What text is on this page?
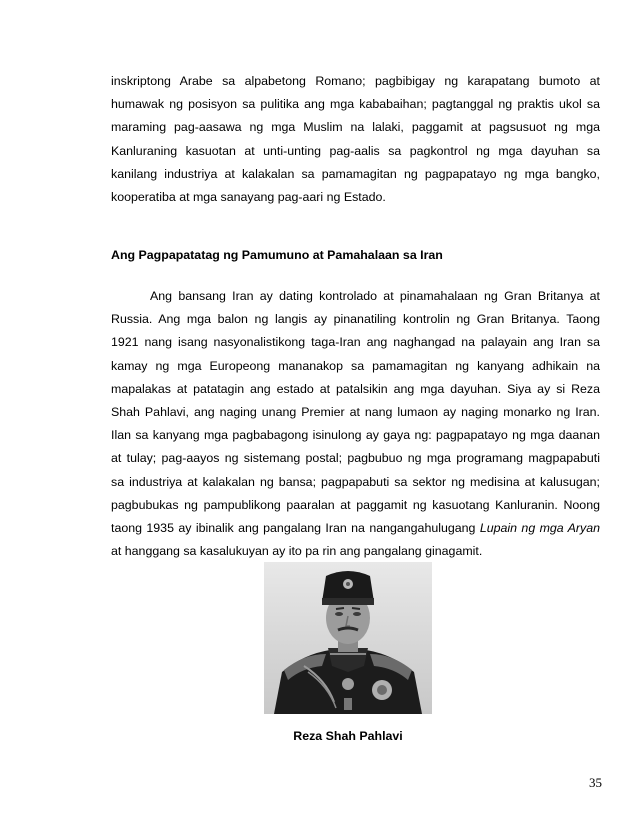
inskriptong Arabe sa alpabetong Romano; pagbibigay ng karapatang bumoto at
humawak ng posisyon sa pulitika ang mga kababaihan; pagtanggal ng praktis ukol sa
maraming pag-aasawa ng mga Muslim na lalaki, paggamit at pagsusuot ng mga
Kanluraning kasuotan at unti-unting pag-aalis sa pagkontrol ng mga dayuhan sa
kanilang industriya at kalakalan sa pamamagitan ng pagpapatayo ng mga bangko,
kooperatiba at mga sanayang pag-aari ng Estado.

Ang Pagpapatatag ng Pamumuno at Pamahalaan sa Iran

Ang bansang Iran ay dating kontrolado at pinamahalaan ng Gran Britanya at
Russia. Ang mga balon ng langis ay pinanatiling kontrolin ng Gran Britanya. Taong
1921 nang isang nasyonalistikong taga-Iran ang naghangad na palayain ang Iran sa
kamay ng mga Europeong mananakop sa pamamagitan ng kanyang adhikain na
mapalakas at patatagin ang estado at patalsikin ang mga dayuhan. Siya ay si Reza
Shah Pahlavi, ang naging unang Premier at nang lumaon ay naging monarko ng Iran.
Ilan sa kanyang mga pagbabagong isinulong ay gaya ng: pagpapatayo ng mga daanan
at tulay; pag-aayos ng sistemang postal; pagbubuo ng mga programang magpapabuti
sa industriya at kalakalan ng bansa; pagpapabuti sa sektor ng medisina at kalusugan;
pagbubukas ng pampublikong paaralan at paggamit ng kasuotang Kanluranin. Noong
taong 1935 ay ibinalik ang pangalang Iran na nangangahulugang Lupain ng mga Aryan
at hanggang sa kasalukuyan ay ito pa rin ang pangalang ginagamit.

Reza Shah Pahlavi
35
